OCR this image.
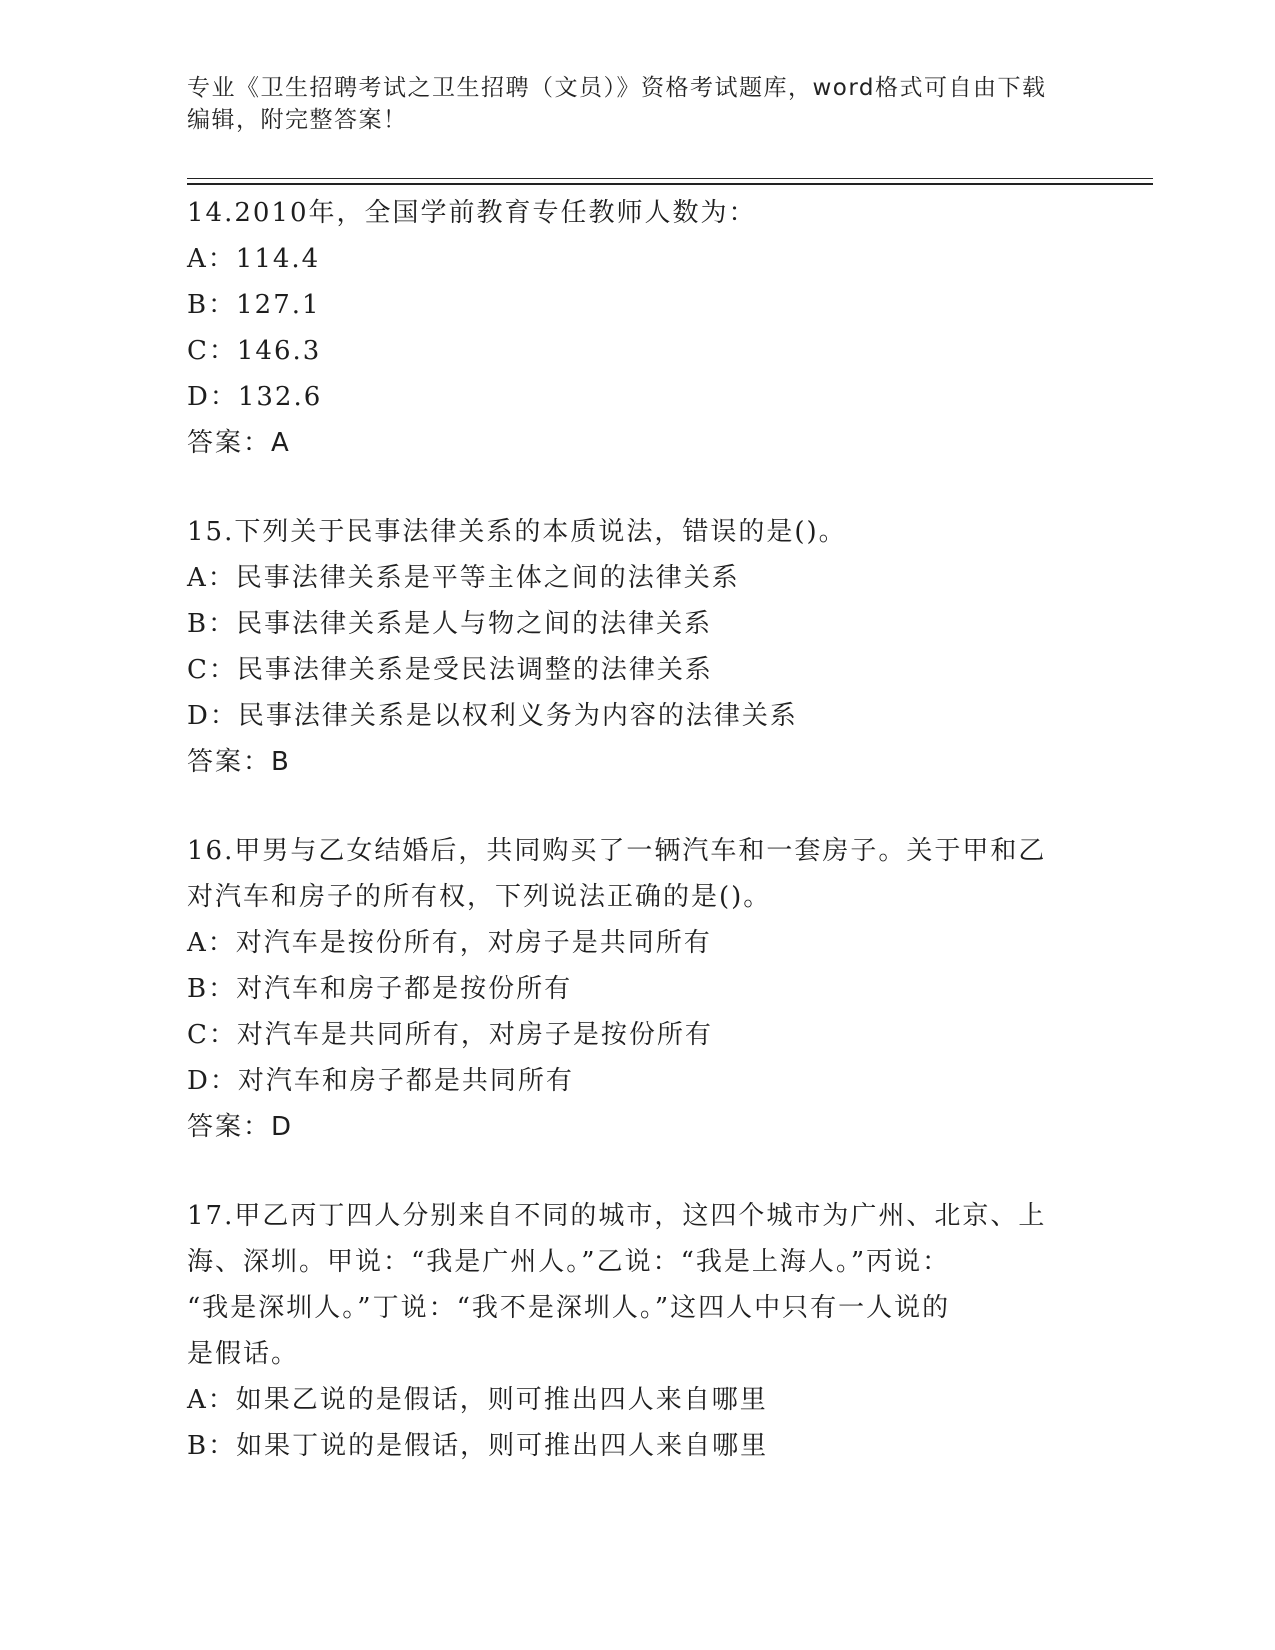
专业《卫生招聘考试之卫生招聘（文员）》资格考试题库，word格式可自由下载
编辑，附完整答案！
14.2010年，全国学前教育专任教师人数为：
A：114.4
B：127.1
C：146.3
D：132.6
答案：A
15.下列关于民事法律关系的本质说法，错误的是()。
A：民事法律关系是平等主体之间的法律关系
B：民事法律关系是人与物之间的法律关系
C：民事法律关系是受民法调整的法律关系
D：民事法律关系是以权利义务为内容的法律关系
答案：B
16.甲男与乙女结婚后，共同购买了一辆汽车和一套房子。关于甲和乙
对汽车和房子的所有权，下列说法正确的是()。
A：对汽车是按份所有，对房子是共同所有
B：对汽车和房子都是按份所有
C：对汽车是共同所有，对房子是按份所有
D：对汽车和房子都是共同所有
答案：D
17.甲乙丙丁四人分别来自不同的城市，这四个城市为广州、北京、上
海、深圳。甲说：“我是广州人。”乙说：“我是上海人。”丙说：
“我是深圳人。”丁说：“我不是深圳人。”这四人中只有一人说的
是假话。
A：如果乙说的是假话，则可推出四人来自哪里
B：如果丁说的是假话，则可推出四人来自哪里
